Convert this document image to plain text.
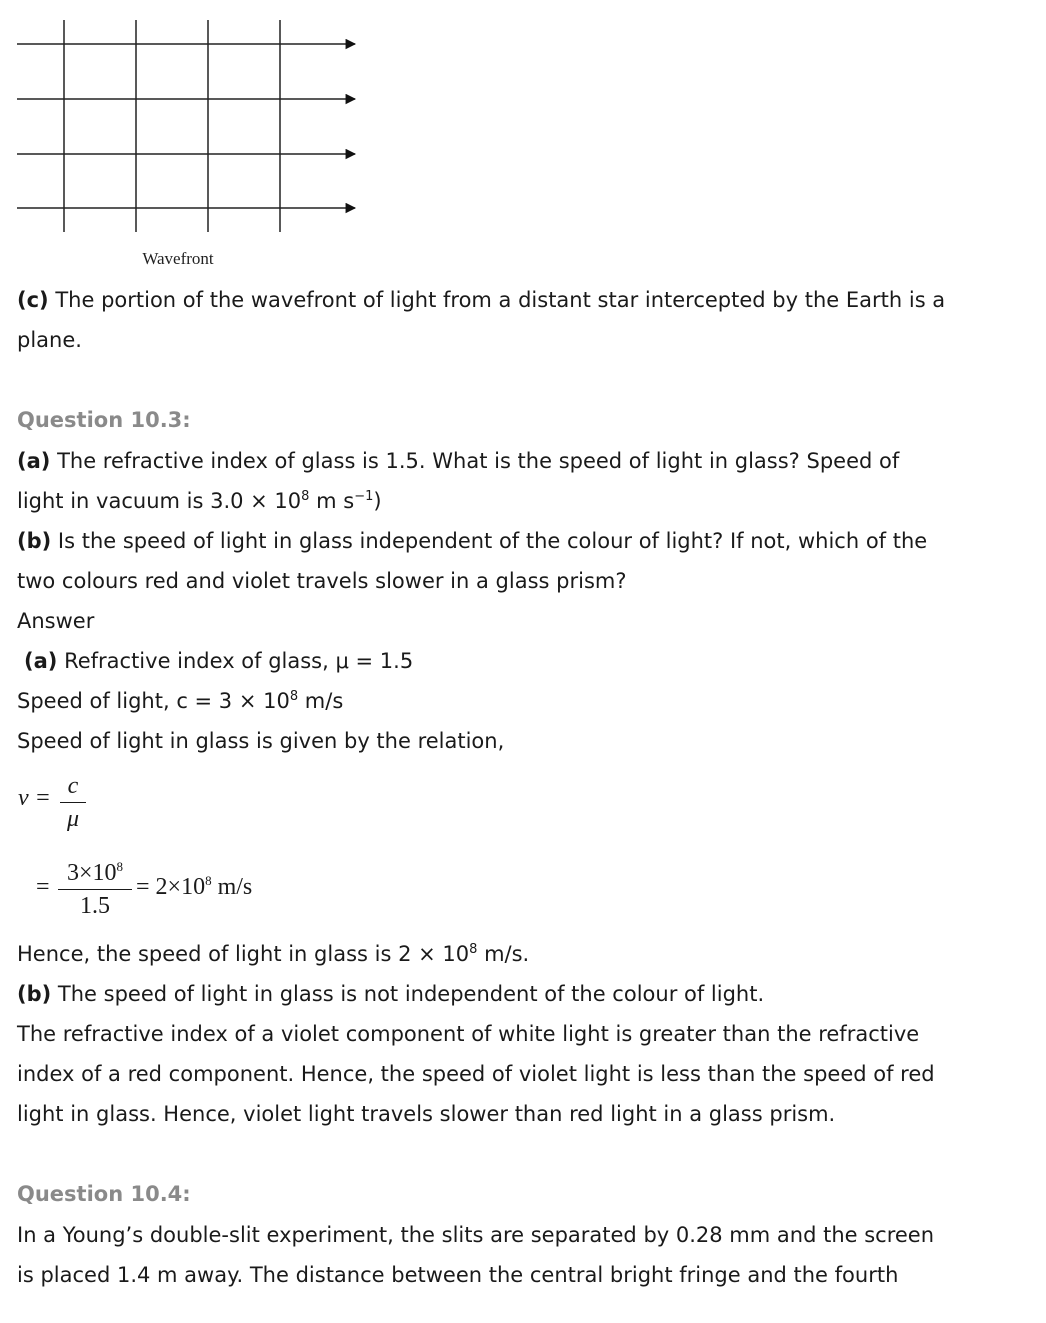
Wavefront
(c) The portion of the wavefront of light from a distant star intercepted by the Earth is a
plane.
Question 10.3:
(a) The refractive index of glass is 1.5. What is the speed of light in glass? Speed of
light in vacuum is $3.0 \times 10^8$ m $s^{-1}$)
(b) Is the speed of light in glass independent of the colour of light? If not, which of the
two colours red and violet travels slower in a glass prism?
Answer
(a) Refractive index of glass, μ = 1.5
Speed of light, $c = 3 \times 10^8$ m/s
Speed of light in glass is given by the relation,
v = c
μ
=
$3\times 10^8$
1.5
= $2\times 10^8$ m/s
Hence, the speed of light in glass is $2 \times 10^8$ m/s.
(b) The speed of light in glass is not independent of the colour of light.
The refractive index of a violet component of white light is greater than the refractive
index of a red component. Hence, the speed of violet light is less than the speed of red
light in glass. Hence, violet light travels slower than red light in a glass prism.
Question 10.4:
In a Young’s double-slit experiment, the slits are separated by 0.28 mm and the screen
is placed 1.4 m away. The distance between the central bright fringe and the fourth
